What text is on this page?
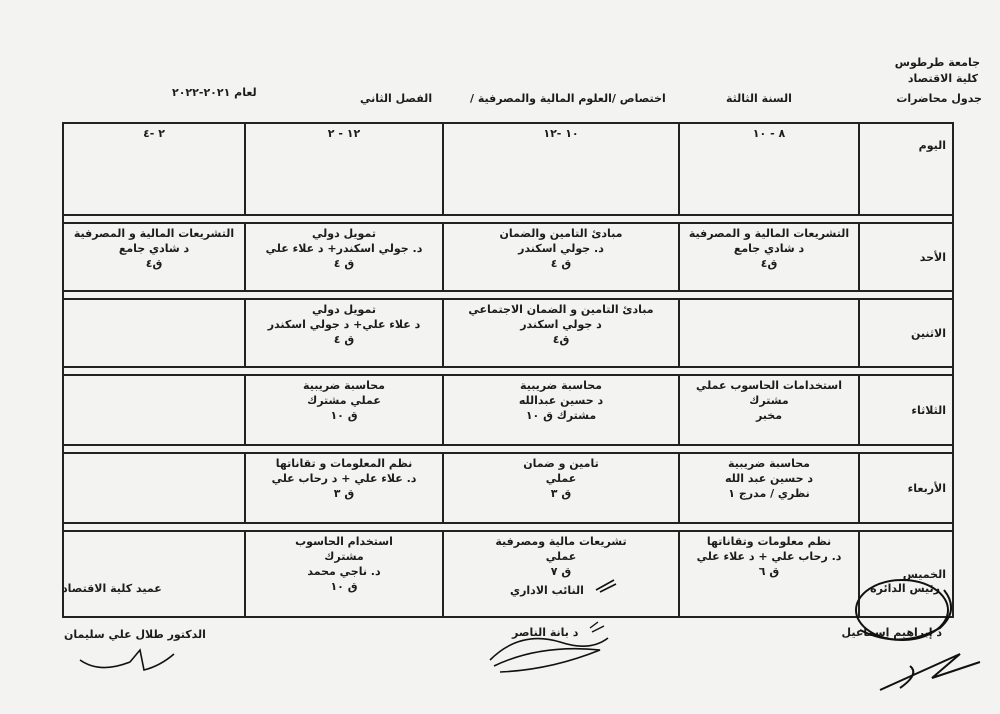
جامعة طرطوس
كلية الاقتصاد
جدول محاضرات
السنة الثالثة
اختصاص /العلوم المالية والمصرفية /
الفصل الثاني
لعام ٢٠٢١-٢٠٢٢
اليوم	٨ - ١٠	١٠ -١٢	١٢ - ٢	٢ -٤

الأحد	التشريعات المالية و المصرفية
د شادي جامع
ق٤	مبادئ التامين والضمان
د. جولي اسكندر
ق ٤	تمويل دولي
د. جولي اسكندر+ د علاء علي
ق ٤	التشريعات المالية و المصرفية
د شادي جامع
ق٤

الاثنين		مبادئ التامين و الضمان الاجتماعي
د جولي اسكندر
ق٤	تمويل دولي
د علاء علي+ د جولي اسكندر
ق ٤	

الثلاثاء	استخدامات الحاسوب عملي
مشترك
مخبر	محاسبة ضريبية
د حسين عبدالله
مشترك ق ١٠	محاسبة ضريبية
عملي مشترك
ق ١٠	

الأربعاء	محاسبة ضريبية
د حسين عبد الله
نظري / مدرج ١	تامين و ضمان
عملي
ق ٣	نظم المعلومات و تقاناتها
د. علاء علي + د رحاب علي
ق ٣	

الخميس	نظم معلومات وتقاناتها
د. رحاب علي + د علاء علي
ق ٦	تشريعات مالية ومصرفية
عملي
ق ٧	استخدام الحاسوب
مشترك
د. ناجي محمد
ق ١٠	
		رئيس الدائرة
د إبراهيم إسماعيل
النائب الاداري
د بانة الناصر
عميد كلية الاقتصاد
الدكتور طلال علي سليمان
